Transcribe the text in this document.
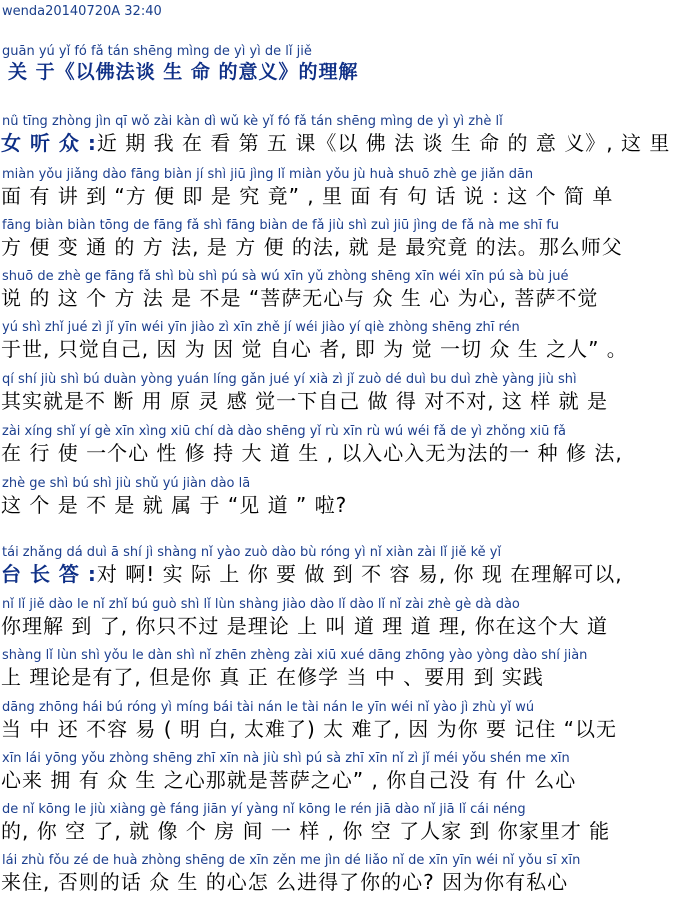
wenda20140720A 32:40
guān yú yǐ fó fǎ tán shēng mìng de yì yì de lǐ jiě
关 于《以佛法谈 生 命 的意义》的理解
nǚ tīng zhòng jìn qī wǒ zài kàn dì wǔ kè yǐ fó fǎ tán shēng mìng de yì yì zhè lǐ
女 听 众 :近 期 我 在 看 第 五 课《以 佛 法 谈 生 命 的 意 义》, 这 里
miàn yǒu jiǎng dào fāng biàn jí shì jiū jìng lǐ miàn yǒu jù huà shuō zhè ge jiǎn dān
面 有 讲 到 “方 便 即 是 究 竟” , 里 面 有 句 话 说 : 这 个 简 单
fāng biàn biàn tōng de fāng fǎ shì fāng biàn de fǎ jiù shì zuì jiū jìng de fǎ nà me shī fu
方 便 变 通 的 方 法, 是 方 便 的法, 就 是 最究竟 的法。那么师父
shuō de zhè ge fāng fǎ shì bù shì pú sà wú xīn yǔ zhòng shēng xīn wéi xīn pú sà bù jué
说 的 这 个 方 法 是 不是 “菩萨无心与 众 生 心 为心, 菩萨不觉
yú shì zhǐ jué zì jǐ yīn wéi yīn jiào zì xīn zhě jí wéi jiào yí qiè zhòng shēng zhī rén
于世, 只觉自己, 因 为 因 觉 自心 者, 即 为 觉 一切 众 生 之人” 。
qí shí jiù shì bú duàn yòng yuán líng gǎn jué yí xià zì jǐ zuò dé duì bu duì zhè yàng jiù shì
其实就是不 断 用 原 灵 感 觉一下自己 做 得 对不对, 这 样 就 是
zài xíng shǐ yí gè xīn xìng xiū chí dà dào shēng yǐ rù xīn rù wú wéi fǎ de yì zhǒng xiū fǎ
在 行 使 一个心 性 修 持 大 道 生 , 以入心入无为法的一 种 修 法,
zhè ge shì bú shì jiù shǔ yú jiàn dào lā
这 个 是 不 是 就 属 于 “见 道 ” 啦?
tái zhǎng dá duì ā shí jì shàng nǐ yào zuò dào bù róng yì nǐ xiàn zài lǐ jiě kě yǐ
台 长 答 :对 啊! 实 际 上 你 要 做 到 不 容 易, 你 现 在理解可以,
nǐ lǐ jiě dào le nǐ zhǐ bú guò shì lǐ lùn shàng jiào dào lǐ dào lǐ nǐ zài zhè gè dà dào
你理解 到 了, 你只不过 是理论 上 叫 道 理 道 理, 你在这个大 道
shàng lǐ lùn shì yǒu le dàn shì nǐ zhēn zhèng zài xiū xué dāng zhōng yào yòng dào shí jiàn
上 理论是有了, 但是你 真 正 在修学 当 中 、要用 到 实践
dāng zhōng hái bú róng yì míng bái tài nán le tài nán le yīn wéi nǐ yào jì zhù yǐ wú
当 中 还 不容 易 ( 明 白, 太难了) 太 难了, 因 为你 要 记住 “以无
xīn lái yōng yǒu zhòng shēng zhī xīn nà jiù shì pú sà zhī xīn nǐ zì jǐ méi yǒu shén me xīn
心来 拥 有 众 生 之心那就是菩萨之心” , 你自己没 有 什 么心
de nǐ kōng le jiù xiàng gè fáng jiān yí yàng nǐ kōng le rén jiā dào nǐ jiā lǐ cái néng
的, 你 空 了, 就 像 个 房 间 一 样 , 你 空 了人家 到 你家里才 能
lái zhù fǒu zé de huà zhòng shēng de xīn zěn me jìn dé liǎo nǐ de xīn yīn wéi nǐ yǒu sī xīn
来住, 否则的话 众 生 的心怎 么进得了你的心? 因为你有私心
